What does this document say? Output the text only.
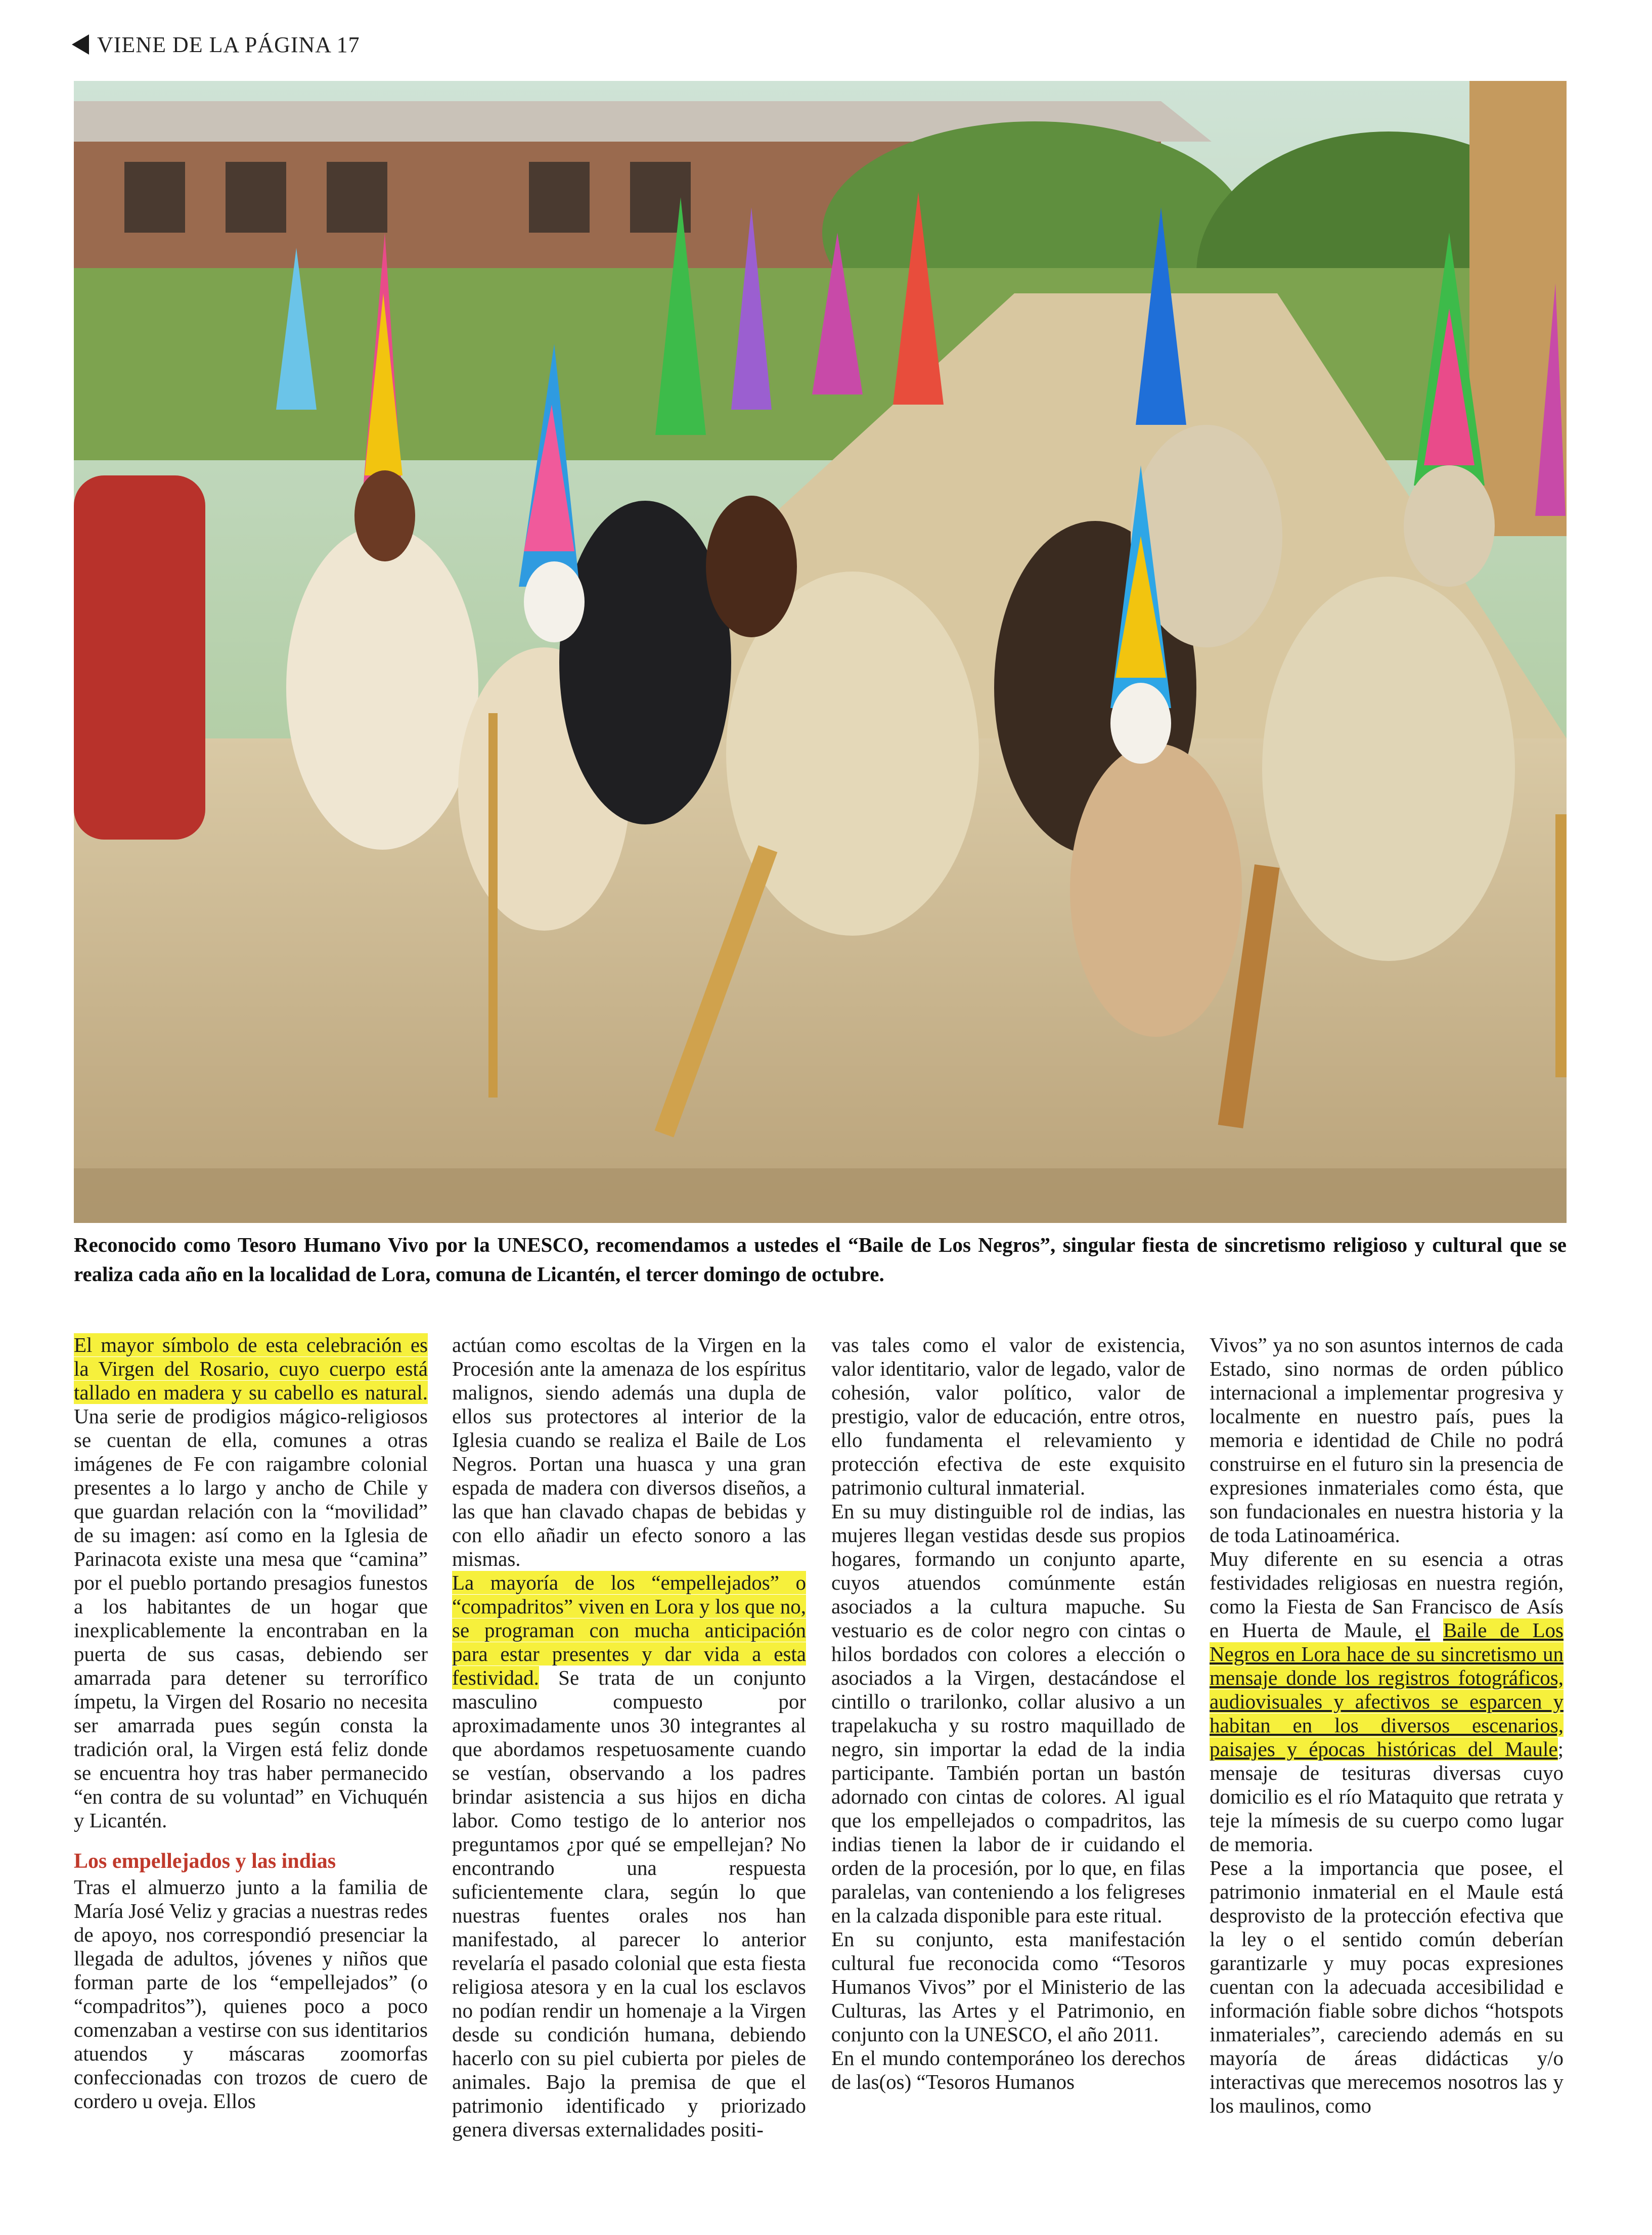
VIENE DE LA PÁGINA 17
Reconocido como Tesoro Humano Vivo por la UNESCO, recomendamos a ustedes el “Baile de Los Negros”, singular fiesta de sincretismo religioso y cultural que se realiza cada año en la localidad de Lora, comuna de Licantén, el tercer domingo de octubre.

El mayor símbolo de esta celebración es la Virgen del Rosario, cuyo cuerpo está tallado en madera y su cabello es natural. Una serie de prodigios mágico-religiosos se cuentan de ella, comunes a otras imágenes de Fe con raigambre colonial presentes a lo largo y ancho de Chile y que guardan relación con la “movilidad” de su imagen: así como en la Iglesia de Parinacota existe una mesa que “camina” por el pueblo portando presagios funestos a los habitantes de un hogar que inexplicablemente la encontraban en la puerta de sus casas, debiendo ser amarrada para detener su terrorífico ímpetu, la Virgen del Rosario no necesita ser amarrada pues según consta la tradición oral, la Virgen está feliz donde se encuentra hoy tras haber permanecido “en contra de su voluntad” en Vichuquén y Licantén.

Los empellejados y las indias

Tras el almuerzo junto a la familia de María José Veliz y gracias a nuestras redes de apoyo, nos correspondió presenciar la llegada de adultos, jóvenes y niños que forman parte de los “empellejados” (o “compadritos”), quienes poco a poco comenzaban a vestirse con sus identitarios atuendos y máscaras zoomorfas confeccionadas con trozos de cuero de cordero u oveja. Ellos

actúan como escoltas de la Virgen en la Procesión ante la amenaza de los espíritus malignos, siendo además una dupla de ellos sus protectores al interior de la Iglesia cuando se realiza el Baile de Los Negros. Portan una huasca y una gran espada de madera con diversos diseños, a las que han clavado chapas de bebidas y con ello añadir un efecto sonoro a las mismas.

La mayoría de los “empellejados” o “compadritos” viven en Lora y los que no, se programan con mucha anticipación para estar presentes y dar vida a esta festividad. Se trata de un conjunto masculino compuesto por aproximadamente unos 30 integrantes al que abordamos respetuosamente cuando se vestían, observando a los padres brindar asistencia a sus hijos en dicha labor. Como testigo de lo anterior nos preguntamos ¿por qué se empellejan? No encontrando una respuesta suficientemente clara, según lo que nuestras fuentes orales nos han manifestado, al parecer lo anterior revelaría el pasado colonial que esta fiesta religiosa atesora y en la cual los esclavos no podían rendir un homenaje a la Virgen desde su condición humana, debiendo hacerlo con su piel cubierta por pieles de animales. Bajo la premisa de que el patrimonio identificado y priorizado genera diversas externalidades positi-

vas tales como el valor de existencia, valor identitario, valor de legado, valor de cohesión, valor político, valor de prestigio, valor de educación, entre otros, ello fundamenta el relevamiento y protección efectiva de este exquisito patrimonio cultural inmaterial.

En su muy distinguible rol de indias, las mujeres llegan vestidas desde sus propios hogares, formando un conjunto aparte, cuyos atuendos comúnmente están asociados a la cultura mapuche. Su vestuario es de color negro con cintas o hilos bordados con colores a elección o asociados a la Virgen, destacándose el cintillo o trarilonko, collar alusivo a un trapelakucha y su rostro maquillado de negro, sin importar la edad de la india participante. También portan un bastón adornado con cintas de colores. Al igual que los empellejados o compadritos, las indias tienen la labor de ir cuidando el orden de la procesión, por lo que, en filas paralelas, van conteniendo a los feligreses en la calzada disponible para este ritual.

En su conjunto, esta manifestación cultural fue reconocida como “Tesoros Humanos Vivos” por el Ministerio de las Culturas, las Artes y el Patrimonio, en conjunto con la UNESCO, el año 2011.

En el mundo contemporáneo los derechos de las(os) “Tesoros Humanos

Vivos” ya no son asuntos internos de cada Estado, sino normas de orden público internacional a implementar progresiva y localmente en nuestro país, pues la memoria e identidad de Chile no podrá construirse en el futuro sin la presencia de expresiones inmateriales como ésta, que son fundacionales en nuestra historia y la de toda Latinoamérica.

Muy diferente en su esencia a otras festividades religiosas en nuestra región, como la Fiesta de San Francisco de Asís en Huerta de Maule, el Baile de Los Negros en Lora hace de su sincretismo un mensaje donde los registros fotográficos, audiovisuales y afectivos se esparcen y habitan en los diversos escenarios, paisajes y épocas históricas del Maule; mensaje de tesituras diversas cuyo domicilio es el río Mataquito que retrata y teje la mímesis de su cuerpo como lugar de memoria.

Pese a la importancia que posee, el patrimonio inmaterial en el Maule está desprovisto de la protección efectiva que la ley o el sentido común deberían garantizarle y muy pocas expresiones cuentan con la adecuada accesibilidad e información fiable sobre dichos “hotspots inmateriales”, careciendo además en su mayoría de áreas didácticas y/o interactivas que merecemos nosotros las y los maulinos, como
